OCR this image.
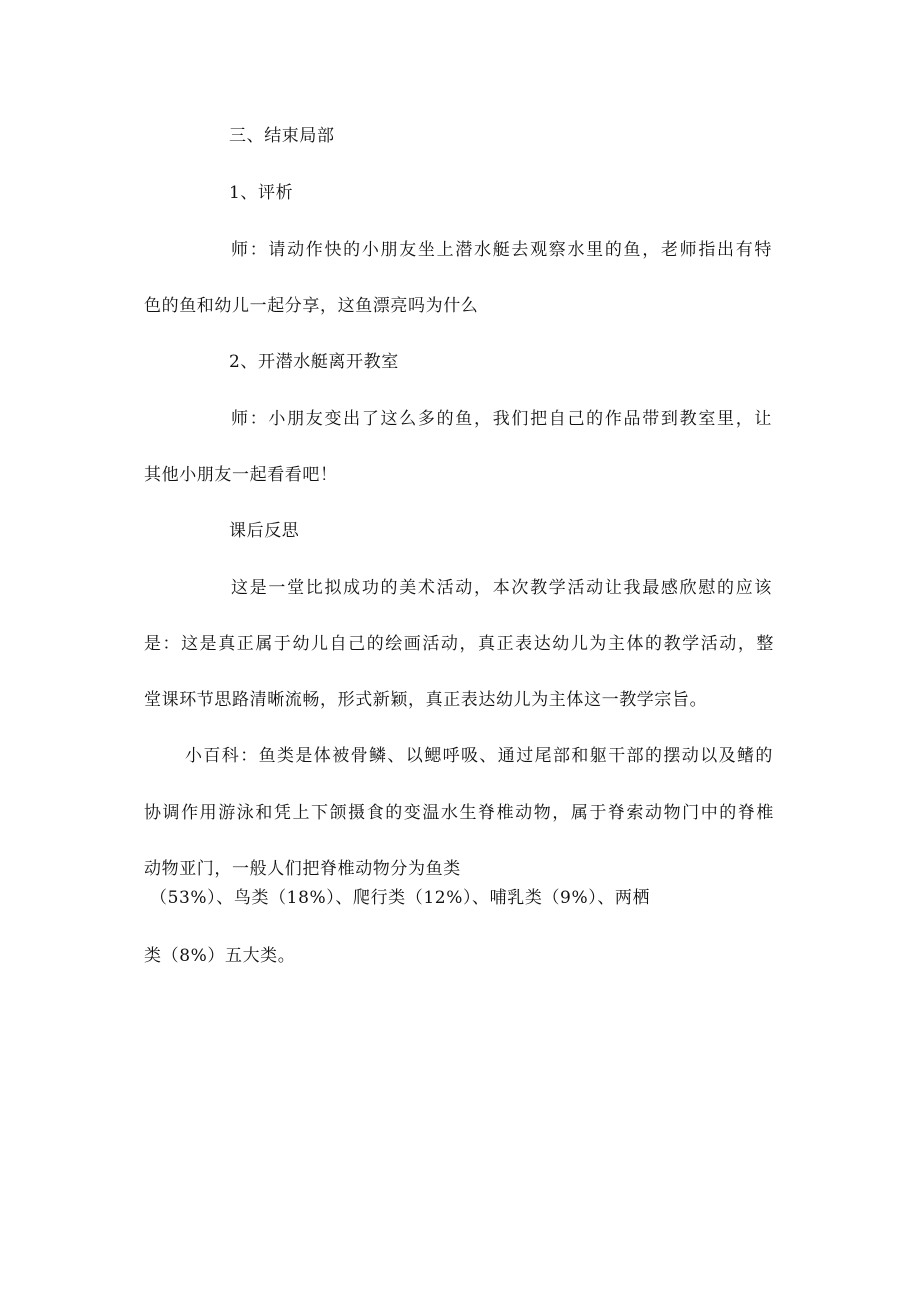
三、结束局部
1、评析
师：请动作快的小朋友坐上潜水艇去观察水里的鱼，老师指出有特
色的鱼和幼儿一起分享，这鱼漂亮吗为什么
2、开潜水艇离开教室
师：小朋友变出了这么多的鱼，我们把自己的作品带到教室里，让
其他小朋友一起看看吧！
课后反思
这是一堂比拟成功的美术活动，本次教学活动让我最感欣慰的应该
是：这是真正属于幼儿自己的绘画活动，真正表达幼儿为主体的教学活动，整
堂课环节思路清晰流畅，形式新颖，真正表达幼儿为主体这一教学宗旨。
小百科：鱼类是体被骨鳞、以鳃呼吸、通过尾部和躯干部的摆动以及鳍的
协调作用游泳和凭上下颌摄食的变温水生脊椎动物，属于脊索动物门中的脊椎
动物亚门，一般人们把脊椎动物分为鱼类
（53%）、鸟类（18%）、爬行类（12%）、哺乳类（9%）、两栖
类（8%）五大类。
